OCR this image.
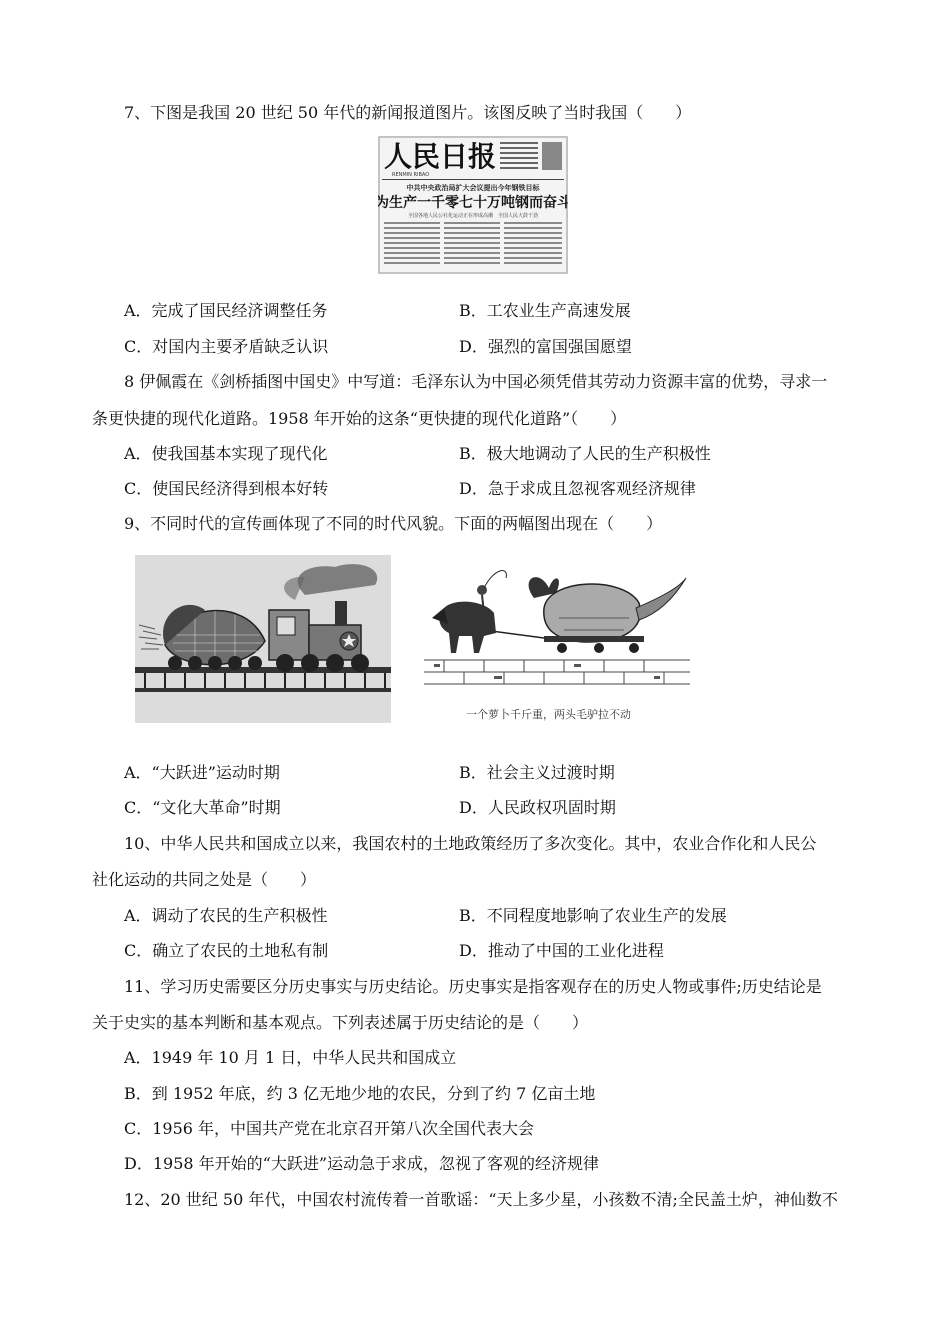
7、下图是我国 20 世纪 50 年代的新闻报道图片。该图反映了当时我国（　　）
人民日报
RENMIN RIBAO
中共中央政治局扩大会议提出今年钢铁目标
为生产一千零七十万吨钢而奋斗
全国各地人民公社化运动正在形成高潮　全国人民大鼓干劲
A．完成了国民经济调整任务	B．工农业生产高速发展
C．对国内主要矛盾缺乏认识	D．强烈的富国强国愿望
8 伊佩霞在《剑桥插图中国史》中写道：毛泽东认为中国必须凭借其劳动力资源丰富的优势，寻求一
条更快捷的现代化道路。1958 年开始的这条“更快捷的现代化道路”（　　）
A．使我国基本实现了现代化	B．极大地调动了人民的生产积极性
C．使国民经济得到根本好转	D．急于求成且忽视客观经济规律
9、不同时代的宣传画体现了不同的时代风貌。下面的两幅图出现在（　　）
一个萝卜千斤重，两头毛驴拉不动
A．“大跃进”运动时期	B．社会主义过渡时期
C．“文化大革命”时期	D．人民政权巩固时期
10、中华人民共和国成立以来，我国农村的土地政策经历了多次变化。其中，农业合作化和人民公
社化运动的共同之处是（　　）
A．调动了农民的生产积极性	B．不同程度地影响了农业生产的发展
C．确立了农民的土地私有制	D．推动了中国的工业化进程
11、学习历史需要区分历史事实与历史结论。历史事实是指客观存在的历史人物或事件;历史结论是
关于史实的基本判断和基本观点。下列表述属于历史结论的是（　　）
A．1949 年 10 月 1 日，中华人民共和国成立
B．到 1952 年底，约 3 亿无地少地的农民，分到了约 7 亿亩土地
C．1956 年，中国共产党在北京召开第八次全国代表大会
D．1958 年开始的“大跃进”运动急于求成，忽视了客观的经济规律
12、20 世纪 50 年代，中国农村流传着一首歌谣：“天上多少星，小孩数不清;全民盖土炉，神仙数不
